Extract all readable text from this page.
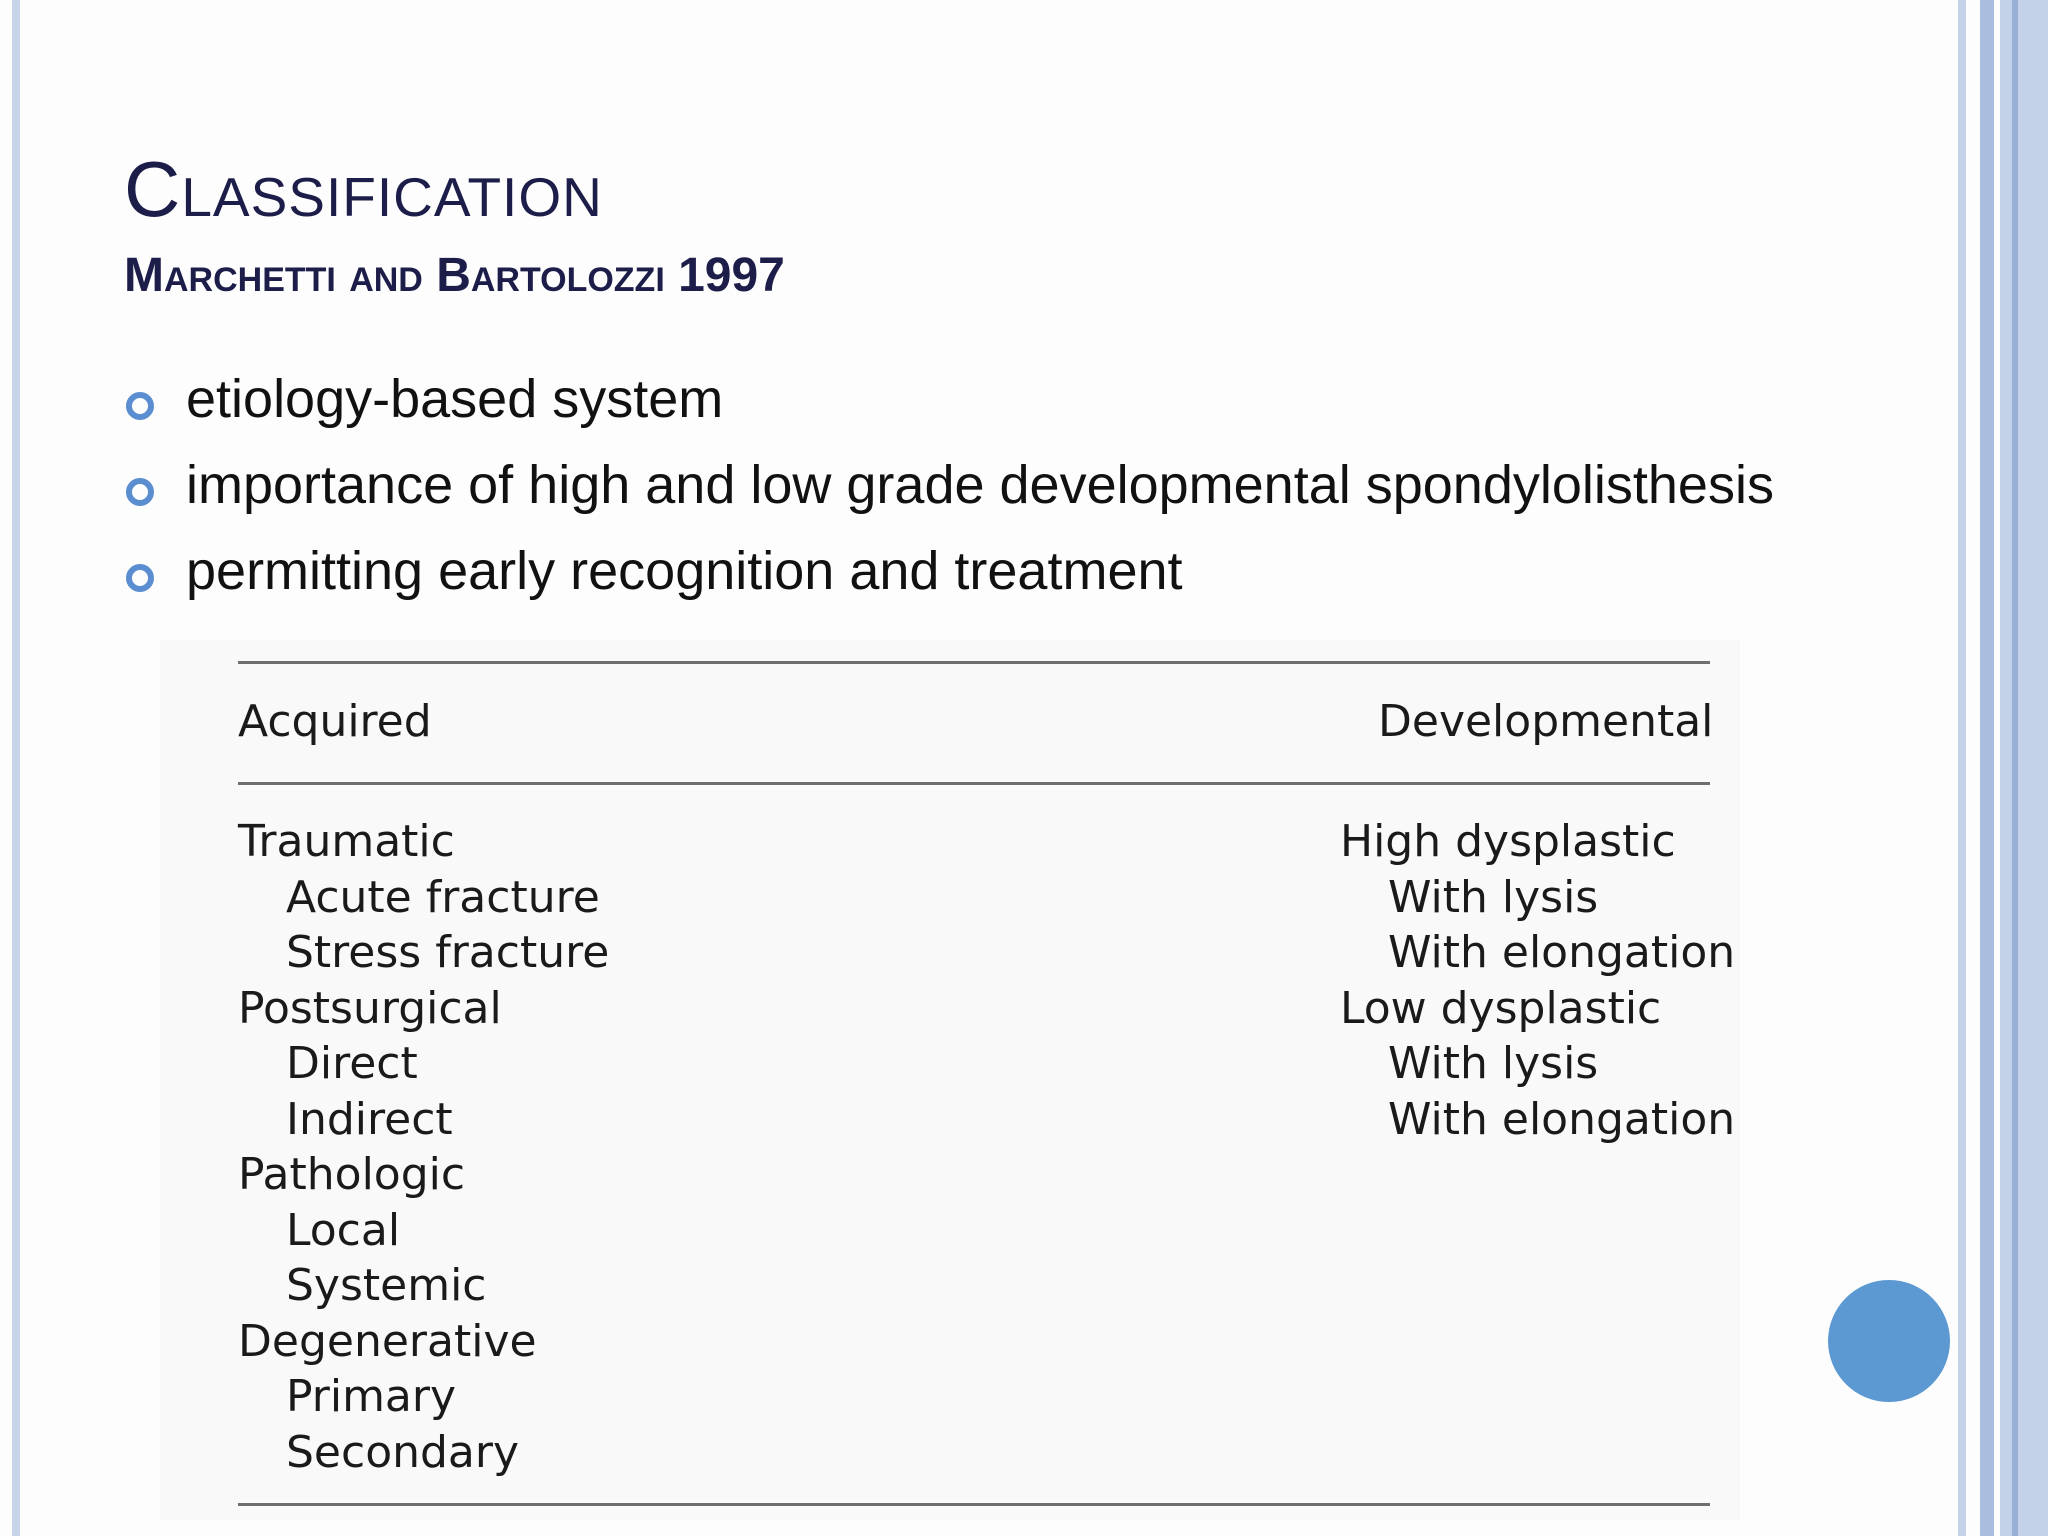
Classification
Marchetti and Bartolozzi 1997
etiology-based system
importance of high and low grade developmental spondylolisthesis
permitting early recognition and treatment
Acquired	Developmental
Traumatic
Acute fracture
Stress fracture
Postsurgical
Direct
Indirect
Pathologic
Local
Systemic
Degenerative
Primary
Secondary
High dysplastic
With lysis
With elongation
Low dysplastic
With lysis
With elongation
